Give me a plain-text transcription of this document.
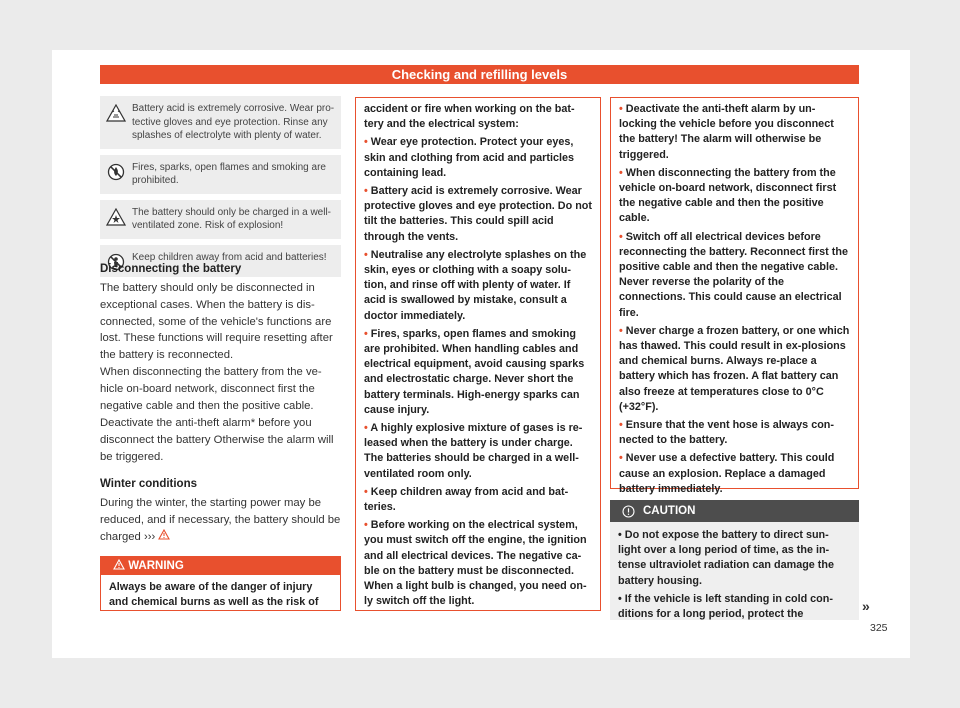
Checking and refilling levels
Battery acid is extremely corrosive. Wear pro-tective gloves and eye protection. Rinse any splashes of electrolyte with plenty of water.
Fires, sparks, open flames and smoking are prohibited.
The battery should only be charged in a well-ventilated zone. Risk of explosion!
Keep children away from acid and batteries!
Disconnecting the battery

The battery should only be disconnected in exceptional cases. When the battery is dis-connected, some of the vehicle's functions are lost. These functions will require resetting after the battery is reconnected.

When disconnecting the battery from the ve-hicle on-board network, disconnect first the negative cable and then the positive cable.

Deactivate the anti-theft alarm* before you disconnect the battery Otherwise the alarm will be triggered.

Winter conditions

During the winter, the starting power may be reduced, and if necessary, the battery should be charged ›››

WARNING
Always be aware of the danger of injury and chemical burns as well as the risk of

accident or fire when working on the bat-tery and the electrical system:

• Wear eye protection. Protect your eyes, skin and clothing from acid and particles containing lead.

• Battery acid is extremely corrosive. Wear protective gloves and eye protection. Do not tilt the batteries. This could spill acid through the vents.

• Neutralise any electrolyte splashes on the skin, eyes or clothing with a soapy solu-tion, and rinse off with plenty of water. If acid is swallowed by mistake, consult a doctor immediately.

• Fires, sparks, open flames and smoking are prohibited. When handling cables and electrical equipment, avoid causing sparks and electrostatic charge. Never short the battery terminals. High-energy sparks can cause injury.

• A highly explosive mixture of gases is re-leased when the battery is under charge. The batteries should be charged in a well-ventilated room only.

• Keep children away from acid and bat-teries.

• Before working on the electrical system, you must switch off the engine, the ignition and all electrical devices. The negative ca-ble on the battery must be disconnected. When a light bulb is changed, you need on-ly switch off the light.

• Deactivate the anti-theft alarm by un-locking the vehicle before you disconnect the battery! The alarm will otherwise be triggered.

• When disconnecting the battery from the vehicle on-board network, disconnect first the negative cable and then the positive cable.

• Switch off all electrical devices before reconnecting the battery. Reconnect first the positive cable and then the negative cable. Never reverse the polarity of the connections. This could cause an electrical fire.

• Never charge a frozen battery, or one which has thawed. This could result in ex-plosions and chemical burns. Always re-place a battery which has frozen. A flat battery can also freeze at temperatures close to 0°C (+32°F).

• Ensure that the vent hose is always con-nected to the battery.

• Never use a defective battery. This could cause an explosion. Replace a damaged battery immediately.

CAUTION

• Do not expose the battery to direct sun-light over a long period of time, as the in-tense ultraviolet radiation can damage the battery housing.

• If the vehicle is left standing in cold con-ditions for a long period, protect the

»
325
